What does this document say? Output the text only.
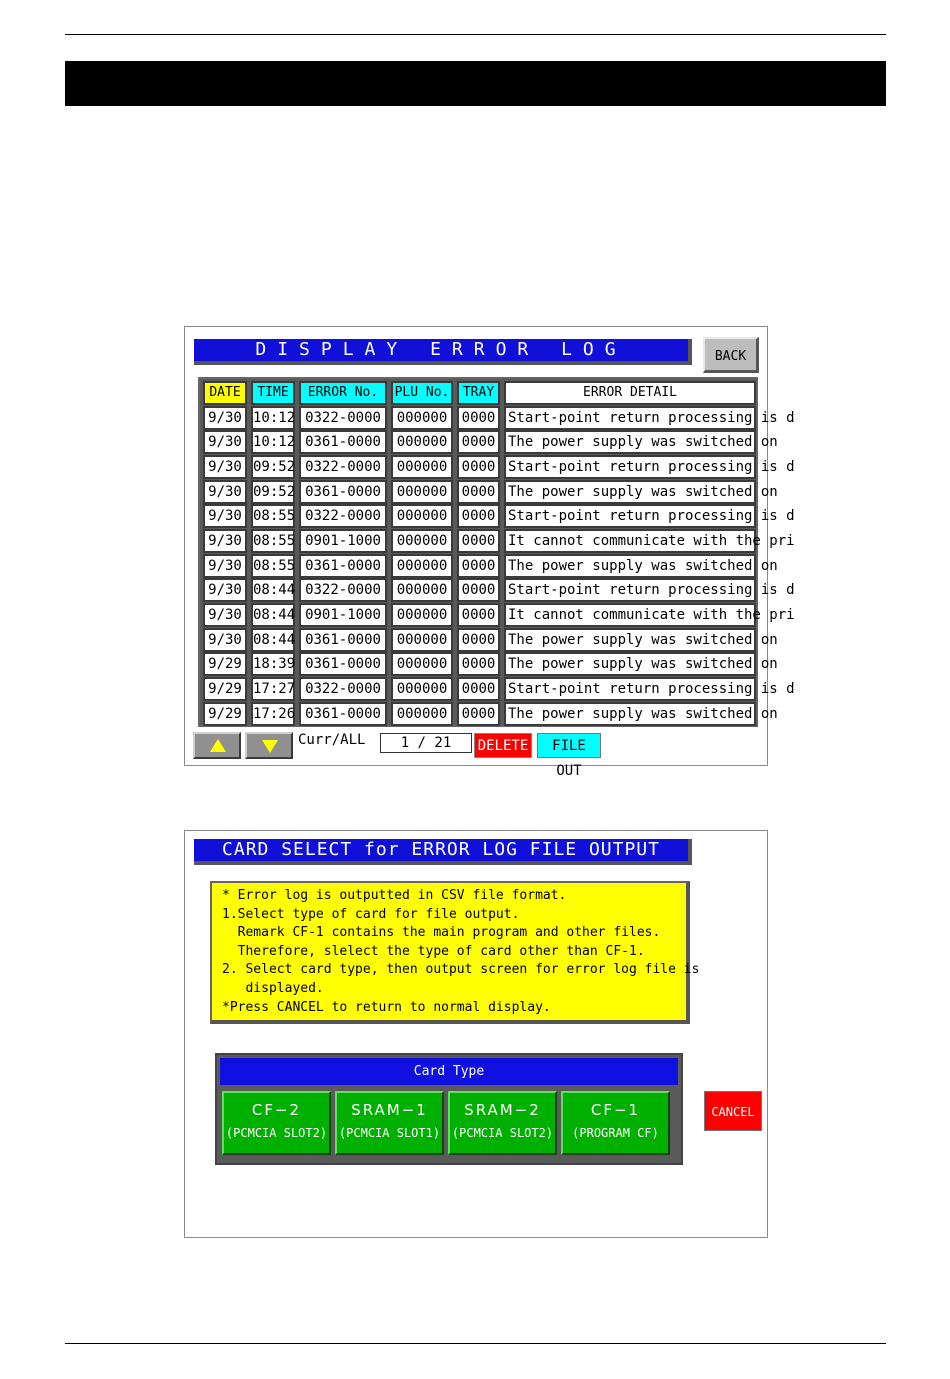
DISPLAY ERROR LOG	BACK
DATE	TIME	ERROR No.	PLU No.	TRAY	ERROR DETAIL
9/30 10:12 0322-0000	000000	0000 Start-point return processing is d
9/30 10:12 0361-0000	000000	0000 The power supply was switched on
9/30 09:52 0322-0000	000000	0000 Start-point return processing is d
9/30 09:52 0361-0000	000000	0000 The power supply was switched on
9/30 08:55 0322-0000	000000	0000 Start-point return processing is d
9/30 08:55 0901-1000	000000	0000 It cannot communicate with the pri
9/30 08:55 0361-0000	000000	0000 The power supply was switched on
9/30 08:44 0322-0000	000000	0000 Start-point return processing is d
9/30 08:44 0901-1000	000000	0000 It cannot communicate with the pri
9/30 08:44 0361-0000	000000	0000 The power supply was switched on
9/29 18:39 0361-0000	000000	0000 The power supply was switched on
9/29 17:27 0322-0000	000000	0000 Start-point return processing is d
9/29 17:26 0361-0000	000000	0000 The power supply was switched on
Curr/ALL	1 / 21	DELETE	FILE OUT
CARD SELECT for ERROR LOG FILE OUTPUT
* Error log is outputted in CSV file format.
1.Select type of card for file output.
Remark CF-1 contains the main program and other files.
Therefore, slelect the type of card other than CF-1.
2. Select card type, then output screen for error log file is
displayed.
*Press CANCEL to return to normal display.
Card Type
CF−2
(PCMCIA SLOT2)
SRAM−1
(PCMCIA SLOT1)
SRAM−2
(PCMCIA SLOT2)
CF−1
(PROGRAM CF)
CANCEL
